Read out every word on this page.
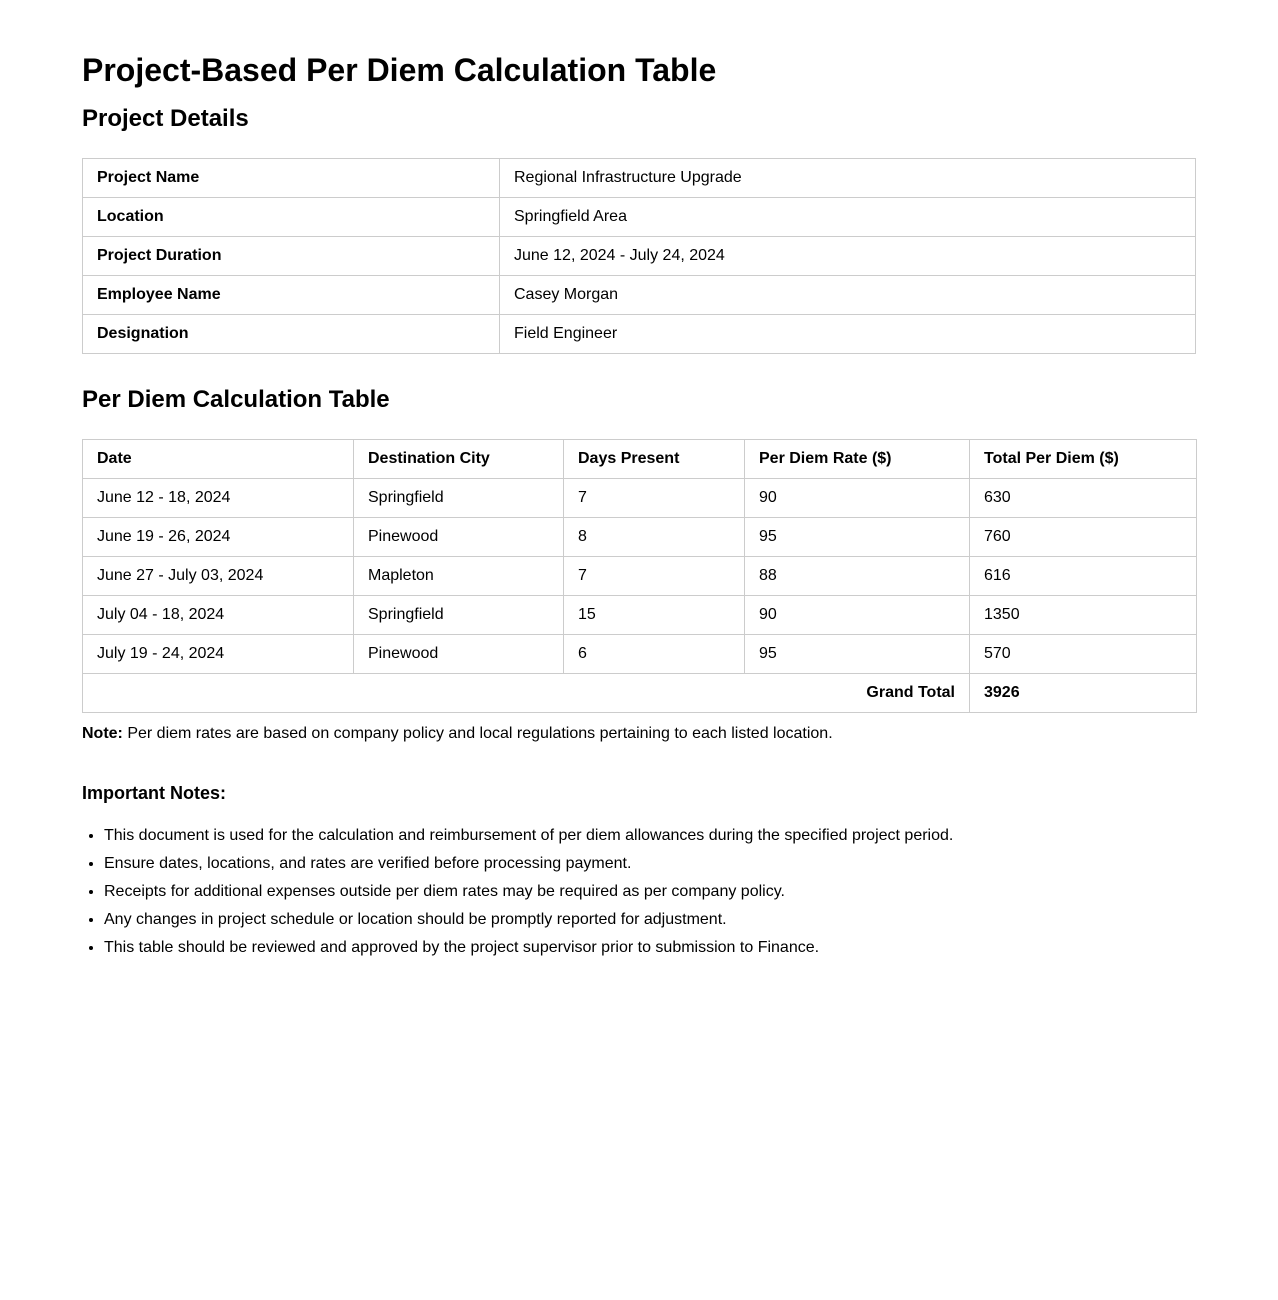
Project-Based Per Diem Calculation Table
Project Details
Project Name	Regional Infrastructure Upgrade
Location	Springfield Area
Project Duration	June 12, 2024 - July 24, 2024
Employee Name	Casey Morgan
Designation	Field Engineer
Per Diem Calculation Table
Date	Destination City	Days Present	Per Diem Rate ($)	Total Per Diem ($)
June 12 - 18, 2024	Springfield	7	90	630
June 19 - 26, 2024	Pinewood	8	95	760
June 27 - July 03, 2024	Mapleton	7	88	616
July 04 - 18, 2024	Springfield	15	90	1350
July 19 - 24, 2024	Pinewood	6	95	570
Grand Total				3926
Note: Per diem rates are based on company policy and local regulations pertaining to each listed location.
Important Notes:
• This document is used for the calculation and reimbursement of per diem allowances during the specified project period.
• Ensure dates, locations, and rates are verified before processing payment.
• Receipts for additional expenses outside per diem rates may be required as per company policy.
• Any changes in project schedule or location should be promptly reported for adjustment.
• This table should be reviewed and approved by the project supervisor prior to submission to Finance.
